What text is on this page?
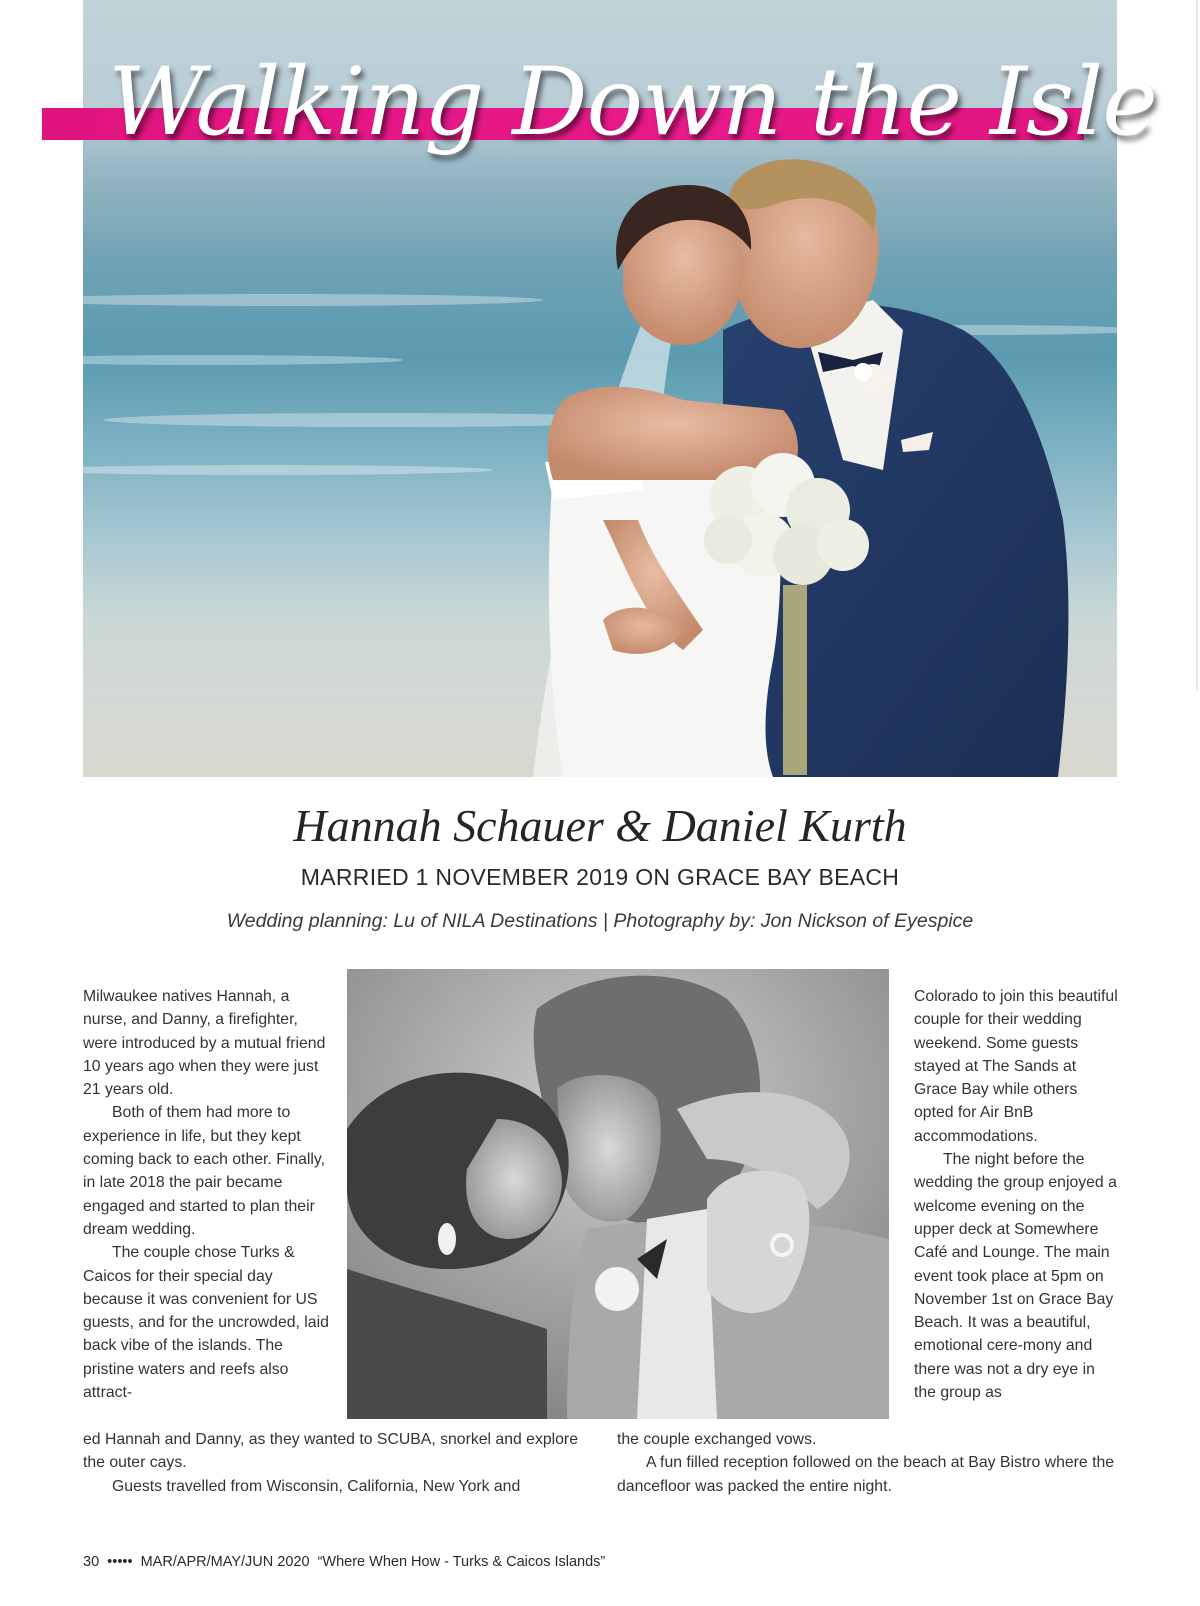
Walking Down the Isle
Hannah Schauer & Daniel Kurth
MARRIED 1 NOVEMBER 2019 ON GRACE BAY BEACH
Wedding planning: Lu of NILA Destinations | Photography by: Jon Nickson of Eyespice

Milwaukee natives Hannah, a nurse, and Danny, a firefighter, were introduced by a mutual friend 10 years ago when they were just 21 years old.

Both of them had more to experience in life, but they kept coming back to each other. Finally, in late 2018 the pair became engaged and started to plan their dream wedding.

The couple chose Turks & Caicos for their special day because it was convenient for US guests, and for the uncrowded, laid back vibe of the islands. The pristine waters and reefs also attract-

Colorado to join this beautiful couple for their wedding weekend. Some guests stayed at The Sands at Grace Bay while others opted for Air BnB accommodations.

The night before the wedding the group enjoyed a welcome evening on the upper deck at Somewhere Café and Lounge. The main event took place at 5pm on November 1st on Grace Bay Beach. It was a beautiful, emotional cere-mony and there was not a dry eye in the group as

ed Hannah and Danny, as they wanted to SCUBA, snorkel and explore the outer cays.

Guests travelled from Wisconsin, California, New York and

the couple exchanged vows.

A fun filled reception followed on the beach at Bay Bistro where the dancefloor was packed the entire night.

30 ••••• MAR/APR/MAY/JUN 2020 “Where When How - Turks & Caicos Islands”
